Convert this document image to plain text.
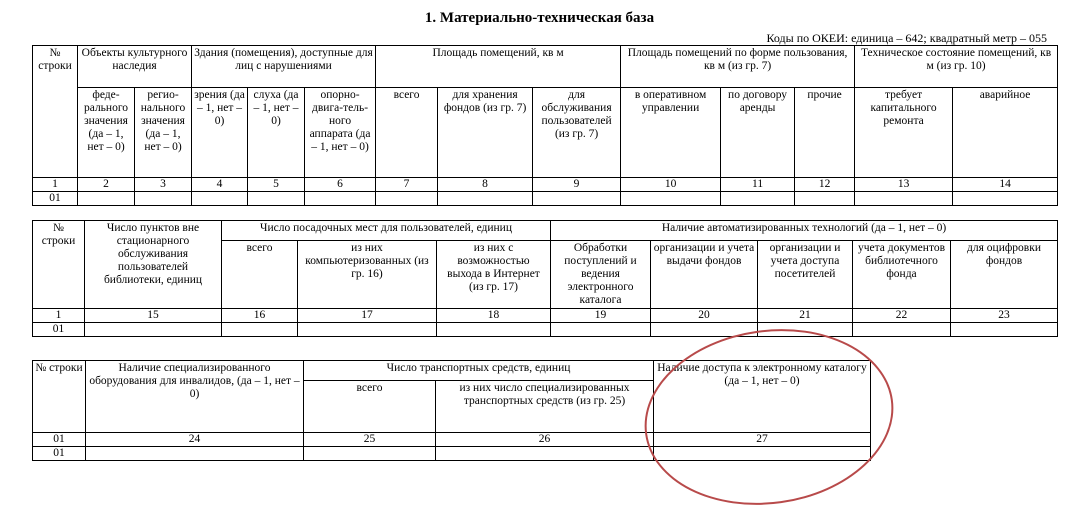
1. Материально-техническая база
Коды по ОКЕИ: единица – 642; квадратный метр – 055
№ строки	Объекты культурного наследия		Здания (помещения), доступные для лиц с нарушениями			Площадь помещений, кв м			Площадь помещений по форме пользования, кв м (из гр. 7)			Техническое состояние помещений, кв м (из гр. 10)	
	феде-рального значения (да – 1, нет – 0)	регио-нального значения (да – 1, нет – 0)	зрения (да – 1, нет – 0)	слуха (да – 1, нет – 0)	опорно-двига-тель-ного аппарата (да – 1, нет – 0)	всего	для хранения фондов (из гр. 7)	для обслуживания пользователей (из гр. 7)	в оперативном управлении	по договору аренды	прочие	требует капитального ремонта	аварийное
1	2	3	4	5	6	7	8	9	10	11	12	13	14
01													
№ строки	Число пунктов вне стационарного обслуживания пользователей библиотеки, единиц	Число посадочных мест для пользователей, единиц			Наличие автоматизированных технологий (да – 1, нет – 0)				
		всего	из них компьютеризованных (из гр. 16)	из них с возможностью выхода в Интернет (из гр. 17)	Обработки поступлений и ведения электронного каталога	организации и учета выдачи фондов	организации и учета доступа посетителей	учета документов библиотечного фонда	для оцифровки фондов
1	15	16	17	18	19	20	21	22	23
01									
№ строки	Наличие специализированного оборудования для инвалидов, (да – 1, нет – 0)	Число транспортных средств, единиц		Наличие доступа к электронному каталогу (да – 1, нет – 0)
		всего	из них число специализированных транспортных средств (из гр. 25)	
01	24	25	26	27
01				
